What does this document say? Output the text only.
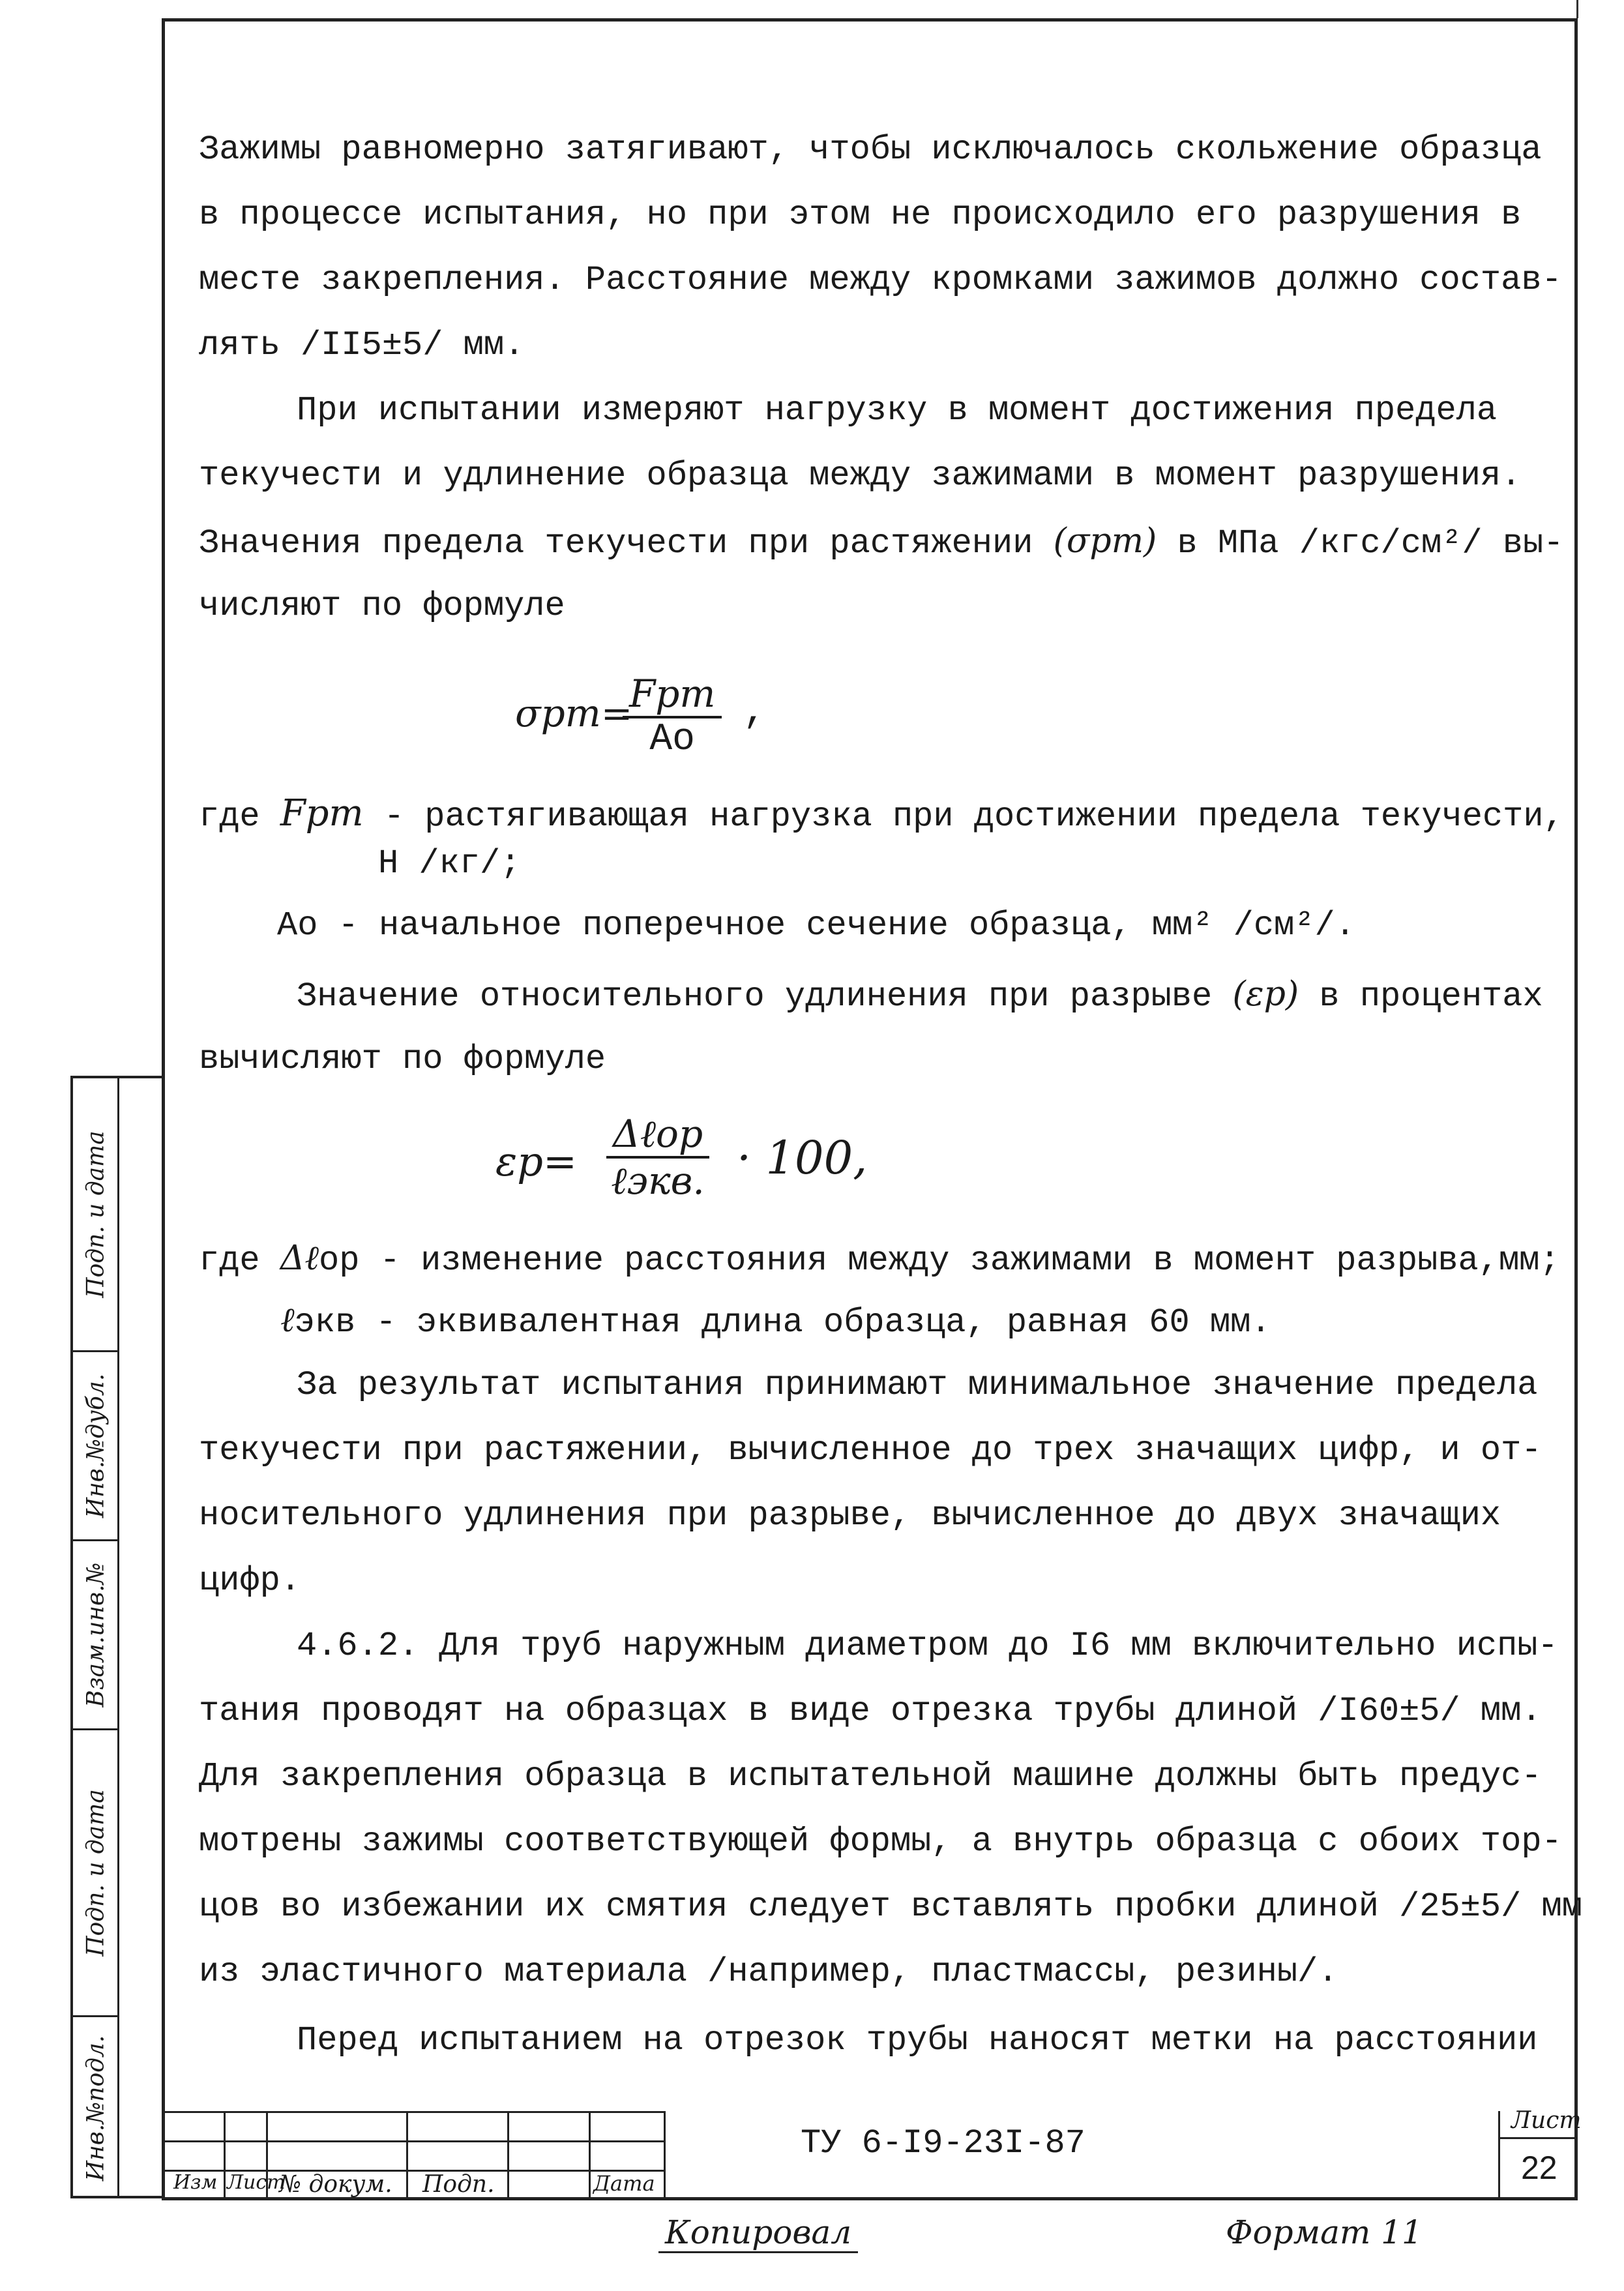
Зажимы равномерно затягивают, чтобы исключалось скольжение образца
в процессе испытания, но при этом не происходило его разрушения в
месте закрепления. Расстояние между кромками зажимов должно состав-
лять /II5±5/ мм.
При испытании измеряют нагрузку в момент достижения предела
текучести и удлинение образца между зажимами в момент разрушения.
Значения предела текучести при растяжении (σрт) в МПа /кгс/см²/ вы-
числяют по формуле
σрт=
Fрт
Ао
,
где Fрт - растягивающая нагрузка при достижении предела текучести,
Н /кг/;
Ао - начальное поперечное сечение образца, мм² /см²/.
Значение относительного удлинения при разрыве (εр) в процентах
вычисляют по формуле
εр=
Δℓор
ℓэкв. · 100,
где Δℓор - изменение расстояния между зажимами в момент разрыва,мм;
ℓэкв - эквивалентная длина образца, равная 60 мм.
За результат испытания принимают минимальное значение предела
текучести при растяжении, вычисленное до трех значащих цифр, и от-
носительного удлинения при разрыве, вычисленное до двух значащих
цифр.
4.6.2. Для труб наружным диаметром до I6 мм включительно испы-
тания проводят на образцах в виде отрезка трубы длиной /I60±5/ мм.
Для закрепления образца в испытательной машине должны быть предус-
мотрены зажимы соответствующей формы, а внутрь образца с обоих тор-
цов во избежании их смятия следует вставлять пробки длиной /25±5/ мм
из эластичного материала /например, пластмассы, резины/.
Перед испытанием на отрезок трубы наносят метки на расстоянии
Подп. и дата
Инв.№дубл.
Взам.инв.№
Подп. и дата
Инв.№подл.
Изм Лист
№ докум. Подп.	Дата
ТУ 6-I9-23I-87
Лист
22
Копировал	Формат 11
